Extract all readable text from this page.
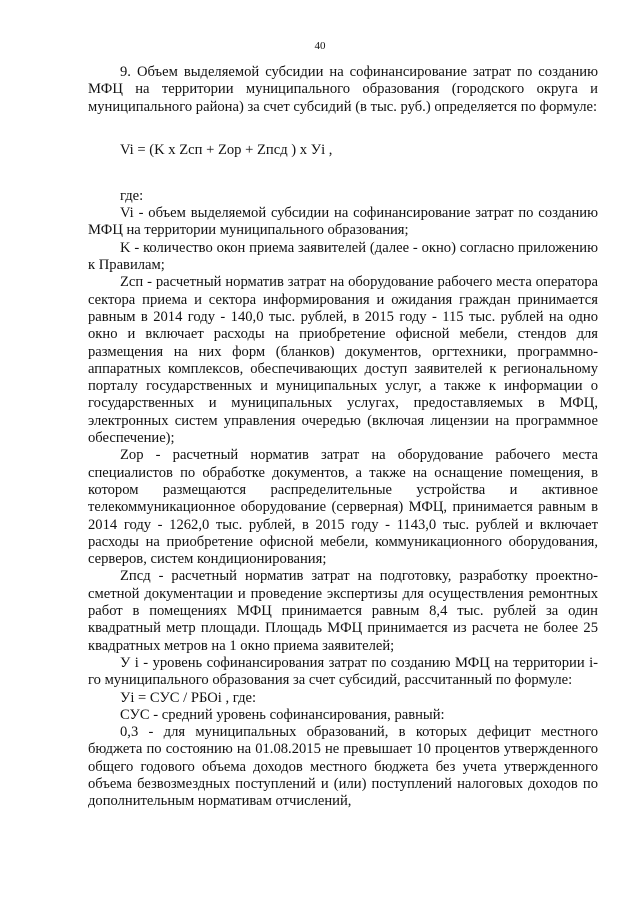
40

9. Объем выделяемой субсидии на софинансирование затрат по созданию МФЦ на территории муниципального образования (городского округа и муниципального района) за счет субсидий (в тыс. руб.) определяется по формуле:

Vi = (K x Zсп + Zор + Zпсд ) x Уi ,

где:

Vi - объем выделяемой субсидии на софинансирование затрат по созданию МФЦ на территории муниципального образования;

K - количество окон приема заявителей (далее - окно) согласно приложению к Правилам;

Zсп - расчетный норматив затрат на оборудование рабочего места оператора сектора приема и сектора информирования и ожидания граждан принимается равным в 2014 году - 140,0 тыс. рублей, в 2015 году - 115 тыс. рублей на одно окно и включает расходы на приобретение офисной мебели, стендов для размещения на них форм (бланков) документов, оргтехники, программно-аппаратных комплексов, обеспечивающих доступ заявителей к региональному порталу государственных и муниципальных услуг, а также к информации о государственных и муниципальных услугах, предоставляемых в МФЦ, электронных систем управления очередью (включая лицензии на программное обеспечение);

Zор - расчетный норматив затрат на оборудование рабочего места специалистов по обработке документов, а также на оснащение помещения, в котором размещаются распределительные устройства и активное телекоммуникационное оборудование (серверная) МФЦ, принимается равным в 2014 году - 1262,0 тыс. рублей, в 2015 году - 1143,0 тыс. рублей и включает расходы на приобретение офисной мебели, коммуникационного оборудования, серверов, систем кондиционирования;

Zпсд - расчетный норматив затрат на подготовку, разработку проектно-сметной документации и проведение экспертизы для осуществления ремонтных работ в помещениях МФЦ принимается равным 8,4 тыс. рублей за один квадратный метр площади. Площадь МФЦ принимается из расчета не более 25 квадратных метров на 1 окно приема заявителей;

У i - уровень софинансирования затрат по созданию МФЦ на территории i-го муниципального образования за счет субсидий, рассчитанный по формуле:

Уi = СУС / РБОi , где:

СУС - средний уровень софинансирования, равный:

0,3 - для муниципальных образований, в которых дефицит местного бюджета по состоянию на 01.08.2015 не превышает 10 процентов утвержденного общего годового объема доходов местного бюджета без учета утвержденного объема безвозмездных поступлений и (или) поступлений налоговых доходов по дополнительным нормативам отчислений,
